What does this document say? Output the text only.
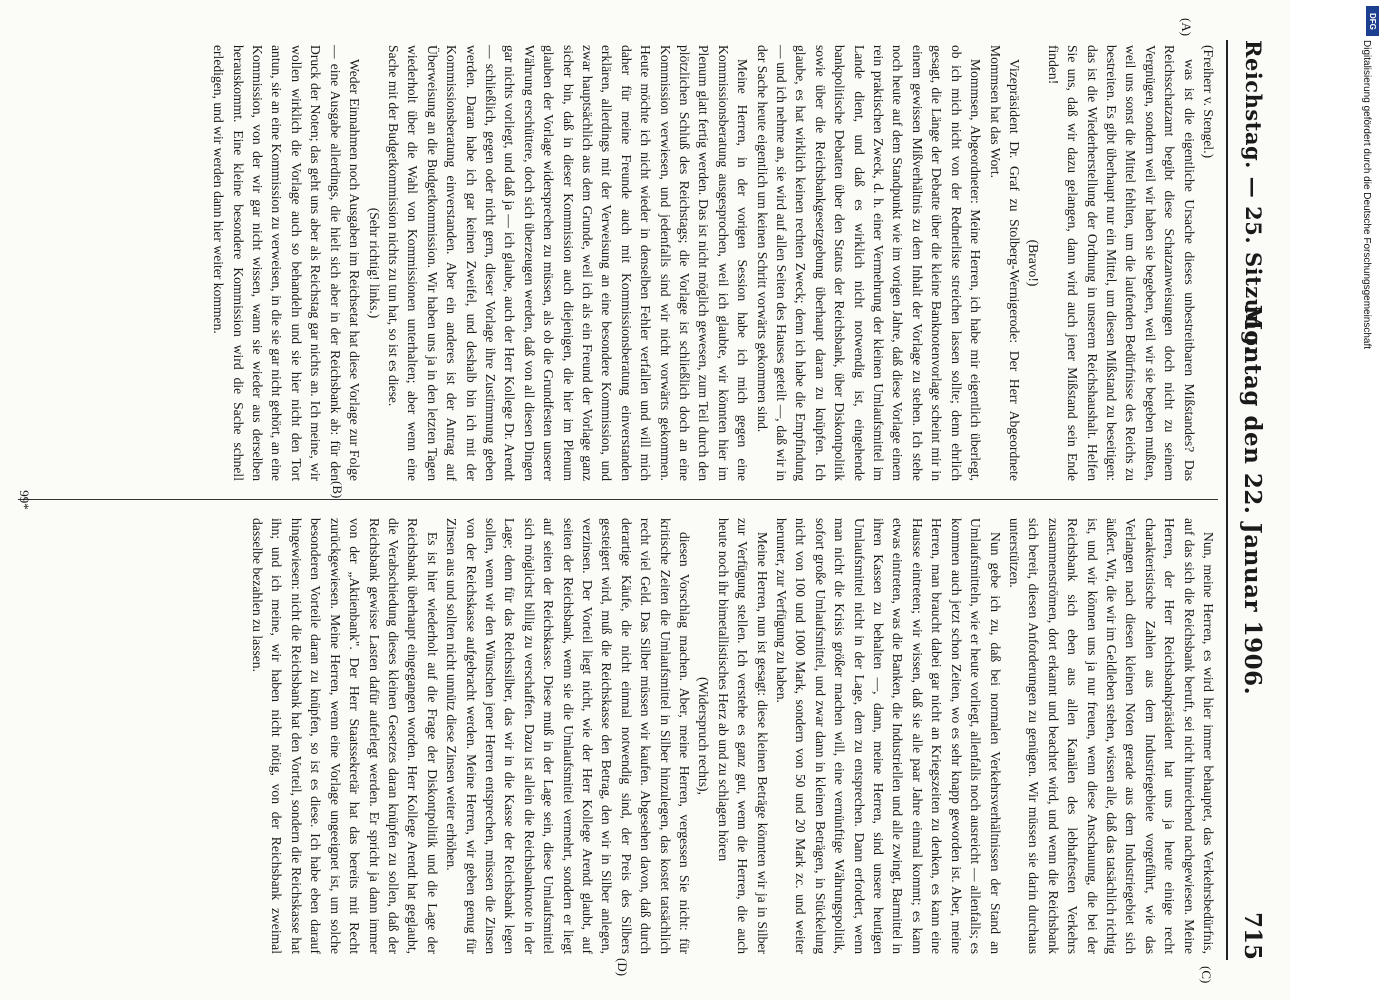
Reichstag. — 25. Sitzung.
Montag den 22. Januar 1906.
715
(A)
(B)
(C)
(D)

(Freiherr v. Stengel.)

was ist die eigentliche Ursache dieses unbestreitbaren Mißstandes? Das Reichsschatzamt begibt diese Schatzanweisungen doch nicht zu seinem Vergnügen, sondern weil wir haben sie begeben, weil wir sie begeben mußten, weil uns sonst die Mittel fehlten, um die laufenden Bedürfnisse des Reichs zu bestreiten. Es gibt überhaupt nur ein Mittel, um diesen Mißstand zu beseitigen: das ist die Wiederherstellung der Ordnung in unserem Reichshaushalt. Helfen Sie uns, daß wir dazu gelangen, dann wird auch jener Mißstand sein Ende finden!

(Bravo!)

Vizepräsident Dr. Graf zu Stolberg-Wernigerode: Der Herr Abgeordnete Mommsen hat das Wort.

Mommsen, Abgeordneter: Meine Herren, ich habe mir eigentlich überlegt, ob ich mich nicht von der Rednerliste streichen lassen sollte; denn ehrlich gesagt, die Länge der Debatte über die kleine Banknotenvorlage scheint mir in einem gewissen Mißverhältnis zu dem Inhalt der Vorlage zu stehen. Ich stehe noch heute auf dem Standpunkt wie im vorigen Jahre, daß diese Vorlage einem rein praktischen Zweck, d. h. einer Vermehrung der kleinen Umlaufsmittel im Lande dient, und daß es wirklich nicht notwendig ist, eingehende bankpolitische Debatten über den Status der Reichsbank, über Diskontpolitik sowie über die Reichsbankgesetzgebung überhaupt daran zu knüpfen. Ich glaube, es hat wirklich keinen rechten Zweck; denn ich habe die Empfindung — und ich nehme an, sie wird auf allen Seiten des Hauses geteilt —, daß wir in der Sache heute eigentlich um keinen Schritt vorwärts gekommen sind.

Meine Herren, in der vorigen Session habe ich mich gegen eine Kommissionsberatung ausgesprochen, weil ich glaubte, wir könnten hier im Plenum glatt fertig werden. Das ist nicht möglich gewesen, zum Teil durch den plötzlichen Schluß des Reichstags; die Vorlage ist schließlich doch an eine Kommission verwiesen, und jedenfalls sind wir nicht vorwärts gekommen. Heute möchte ich nicht wieder in denselben Fehler verfallen und will mich daher für meine Freunde auch mit Kommissionsberatung einverstanden erklären, allerdings mit der Verweisung an eine besondere Kommission, und zwar hauptsächlich aus dem Grunde, weil ich als ein Freund der Vorlage ganz sicher bin, daß in dieser Kommission auch diejenigen, die hier im Plenum glauben der Vorlage widersprechen zu müssen, als ob die Grundfesten unserer Währung erschüttere, doch sich überzeugen werden, daß von all diesen Dingen gar nichts vorliegt, und daß ja — ich glaube, auch der Herr Kollege Dr. Arendt — schließlich, gegen oder nicht gern, dieser Vorlage ihre Zustimmung geben werden. Daran habe ich gar keinen Zweifel, und deshalb bin ich mit der Kommissionsberatung einverstanden. Aber ein anderes ist der Antrag auf Überweisung an die Budgetkommission. Wir haben uns ja in den letzten Tagen wiederholt über die Wahl von Kommissionen unterhalten; aber wenn eine Sache mit der Budgetkommission nichts zu tun hat, so ist es diese.

(Sehr richtig! links.)

Weder Einnahmen noch Ausgaben im Reichsetat hat diese Vorlage zur Folge — eine Ausgabe allerdings, die hielt sich aber in der Reichsbank ab: für den Druck der Noten; das geht uns aber als Reichstag gar nichts an. Ich meine, wir wollen wirklich die Vorlage auch so behandeln und sie hier nicht den Tort antun, sie an eine Kommission zu verweisen, in die sie gar nicht gehört, an eine Kommission, von der wir gar nicht wissen, wann sie wieder aus derselben herauskommt. Eine kleine besondere Kommission wird die Sache schnell erledigen, und wir werden dann hier weiter kommen.

Nun, meine Herren, es wird hier immer behauptet, das Verkehrsbedürfnis, auf das sich die Reichsbank beruft, sei nicht hinreichend nachgewiesen. Meine Herren, der Herr Reichsbankpräsident hat uns ja heute einige recht charakteristische Zahlen aus dem Industriegebiete vorgeführt, wie das Verlangen nach diesen kleinen Noten gerade aus dem Industriegebiet sich äußert. Wir, die wir im Geldleben stehen, wissen alle, daß das tatsächlich richtig ist, und wir können uns ja nur freuen, wenn diese Anschauung, die bei der Reichsbank sich eben aus allen Kanälen des lebhaftesten Verkehrs zusammenströmen, dort erkannt und beachtet wird, und wenn die Reichsbank sich bereit, diesen Anforderungen zu genügen. Wir müssen sie darin durchaus unterstützen.

Nun gebe ich zu, daß bei normalen Verkehrsverhältnissen der Stand an Umlaufsmitteln, wie er heute vorliegt, allenfalls noch ausreicht — allenfalls; es kommen auch jetzt schon Zeiten, wo es sehr knapp geworden ist. Aber, meine Herren, man braucht dabei gar nicht an Kriegszeiten zu denken, es kann eine Hausse eintreten; wir wissen, daß sie alle paar Jahre einmal kommt; es kann etwas eintreten, was die Banken, die Industriellen und alle zwingt, Barmittel in ihren Kassen zu behalten —, dann, meine Herren, sind unsere heutigen Umlaufsmittel nicht in der Lage, dem zu entsprechen. Dann erfordert, wenn man nicht die Krisis größer machen will, eine vernünftige Währungspolitik, sofort große Umlaufsmittel, und zwar dann in kleinen Beträgen, in Stückelung nicht von 100 und 1000 Mark, sondern von 50 und 20 Mark zc. und weiter herunter, zur Verfügung zu haben.

Meine Herren, nun ist gesagt: diese kleinen Beträge könnten wir ja in Silber zur Verfügung stellen. Ich verstehe es ganz gut, wenn die Herren, die auch heute noch ihr bimetallistisches Herz ab und zu schlagen hören

(Widerspruch rechts),

diesen Vorschlag machen. Aber, meine Herren, vergessen Sie nicht: für kritische Zeiten die Umlaufsmittel in Silber hinzulegen, das kostet tatsächlich recht viel Geld. Das Silber müssen wir kaufen. Abgesehen davon, daß durch derartige Käufe, die nicht einmal notwendig sind, der Preis des Silbers gesteigert wird, muß die Reichskasse den Betrag, den wir in Silber anlegen, verzinsen. Der Vorteil liegt nicht, wie der Herr Kollege Arendt glaubt, auf seiten der Reichsbank, wenn sie die Umlaufsmittel vermehrt, sondern er liegt auf seiten der Reichskasse. Diese muß in der Lage sein, diese Umlaufsmittel sich möglichst billig zu verschaffen. Dazu ist allein die Reichsbanknote in der Lage; denn für das Reichssilber, das wir in die Kasse der Reichsbank legen sollen, wenn wir den Wünschen jener Herren entsprechen, müssen die Zinsen von der Reichskasse aufgebracht werden. Meine Herren, wir geben genug für Zinsen aus und sollten nicht unnütz diese Zinsen weiter erhöhen.

Es ist hier wiederholt auf die Frage der Diskontpolitik und die Lage der Reichsbank überhaupt eingegangen worden. Herr Kollege Arendt hat geglaubt, die Verabschiedung dieses kleinen Gesetzes daran knüpfen zu sollen, daß der Reichsbank gewisse Lasten dafür auferlegt werden. Er spricht ja dann immer von der „Aktienbank". Der Herr Staatssekretär hat das bereits mit Recht zurückgewiesen. Meine Herren, wenn eine Vorlage ungeeignet ist, um solche besonderen Vorteile daran zu knüpfen, so ist es diese. Ich habe eben darauf hingewiesen: nicht die Reichsbank hat den Vorteil, sondern die Reichskasse hat ihn; und ich meine, wir haben nicht nötig, von der Reichsbank zweimal dasselbe bezahlen zu lassen.

99*
DFG
Digitalisierung gefördert durch die Deutsche Forschungsgemeinschaft
